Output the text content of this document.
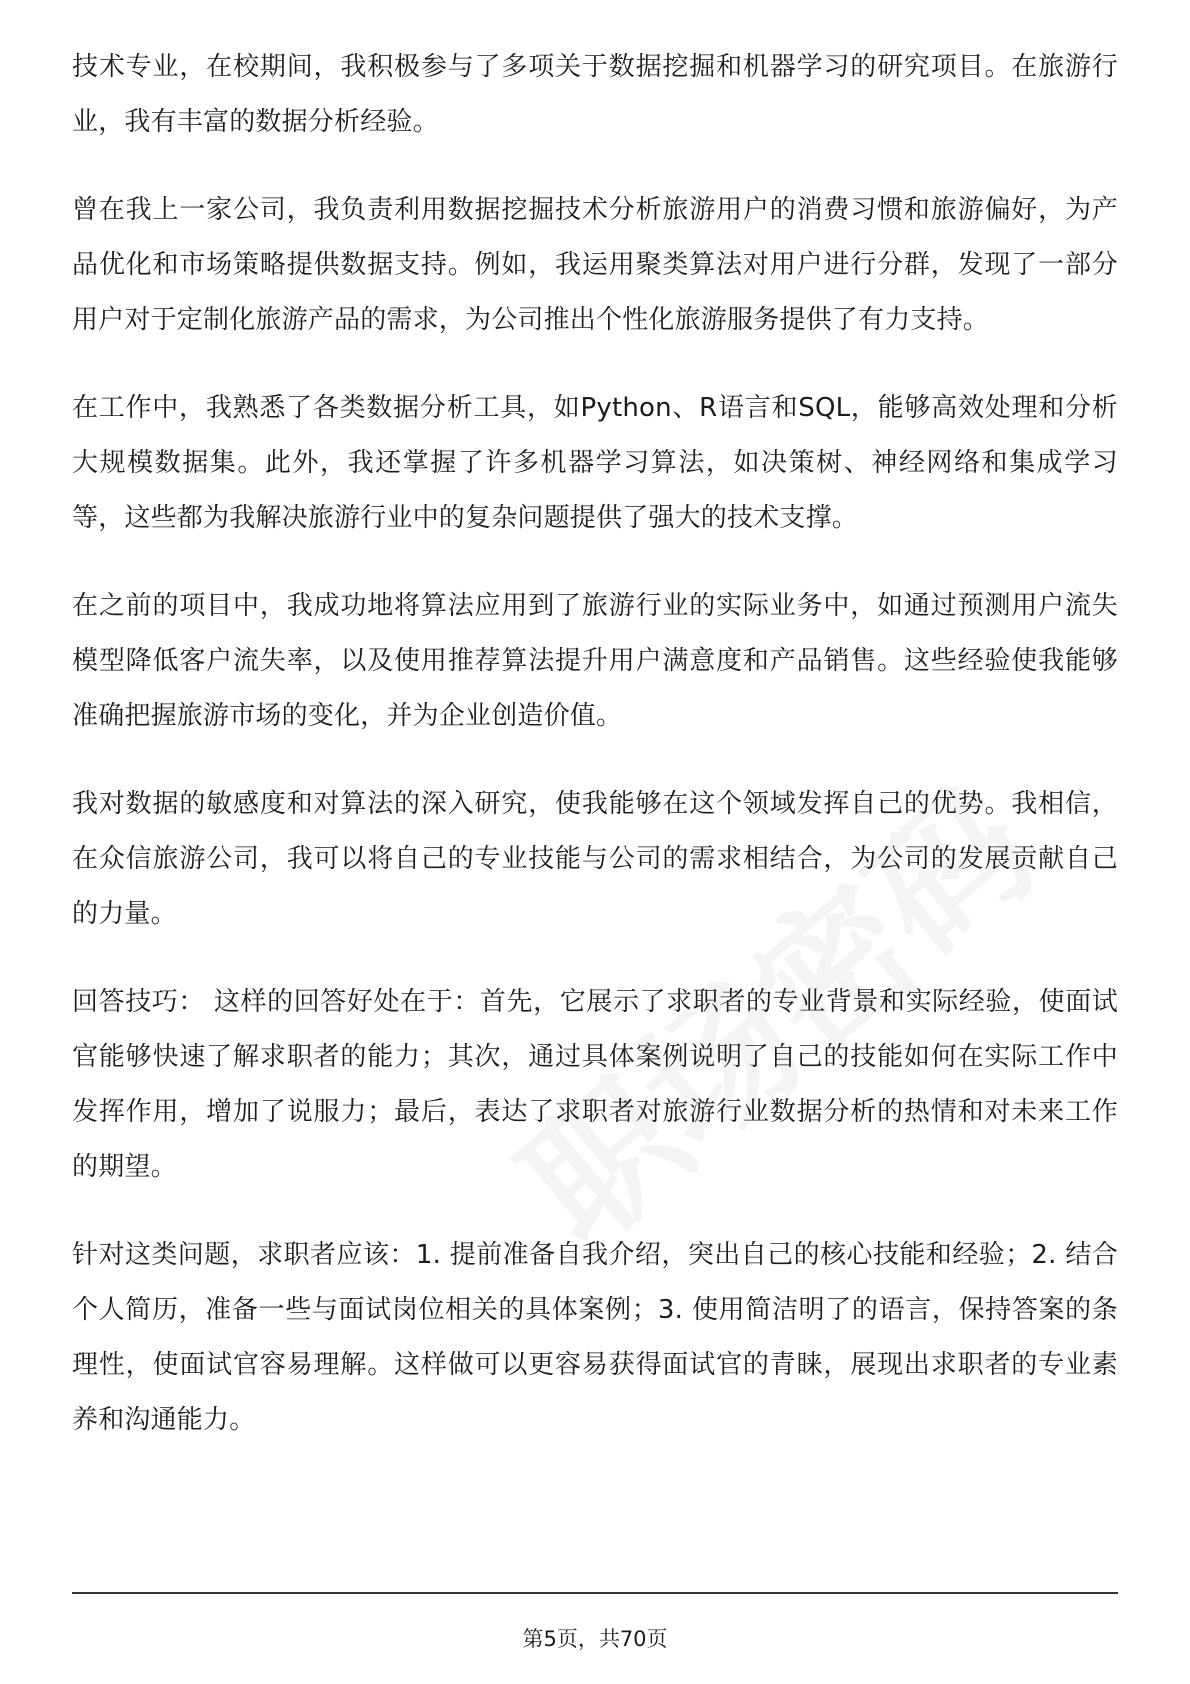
技术专业，在校期间，我积极参与了多项关于数据挖掘和机器学习的研究项目。在旅游行业，我有丰富的数据分析经验。

曾在我上一家公司，我负责利用数据挖掘技术分析旅游用户的消费习惯和旅游偏好，为产品优化和市场策略提供数据支持。例如，我运用聚类算法对用户进行分群，发现了一部分用户对于定制化旅游产品的需求，为公司推出个性化旅游服务提供了有力支持。

在工作中，我熟悉了各类数据分析工具，如Python、R语言和SQL，能够高效处理和分析大规模数据集。此外，我还掌握了许多机器学习算法，如决策树、神经网络和集成学习等，这些都为我解决旅游行业中的复杂问题提供了强大的技术支撑。

在之前的项目中，我成功地将算法应用到了旅游行业的实际业务中，如通过预测用户流失模型降低客户流失率，以及使用推荐算法提升用户满意度和产品销售。这些经验使我能够准确把握旅游市场的变化，并为企业创造价值。

我对数据的敏感度和对算法的深入研究，使我能够在这个领域发挥自己的优势。我相信，在众信旅游公司，我可以将自己的专业技能与公司的需求相结合，为公司的发展贡献自己的力量。

回答技巧： 这样的回答好处在于：首先，它展示了求职者的专业背景和实际经验，使面试官能够快速了解求职者的能力；其次，通过具体案例说明了自己的技能如何在实际工作中发挥作用，增加了说服力；最后，表达了求职者对旅游行业数据分析的热情和对未来工作的期望。

针对这类问题，求职者应该：1. 提前准备自我介绍，突出自己的核心技能和经验；2. 结合个人简历，准备一些与面试岗位相关的具体案例；3. 使用简洁明了的语言，保持答案的条理性，使面试官容易理解。这样做可以更容易获得面试官的青睐，展现出求职者的专业素养和沟通能力。

第5页，共70页
